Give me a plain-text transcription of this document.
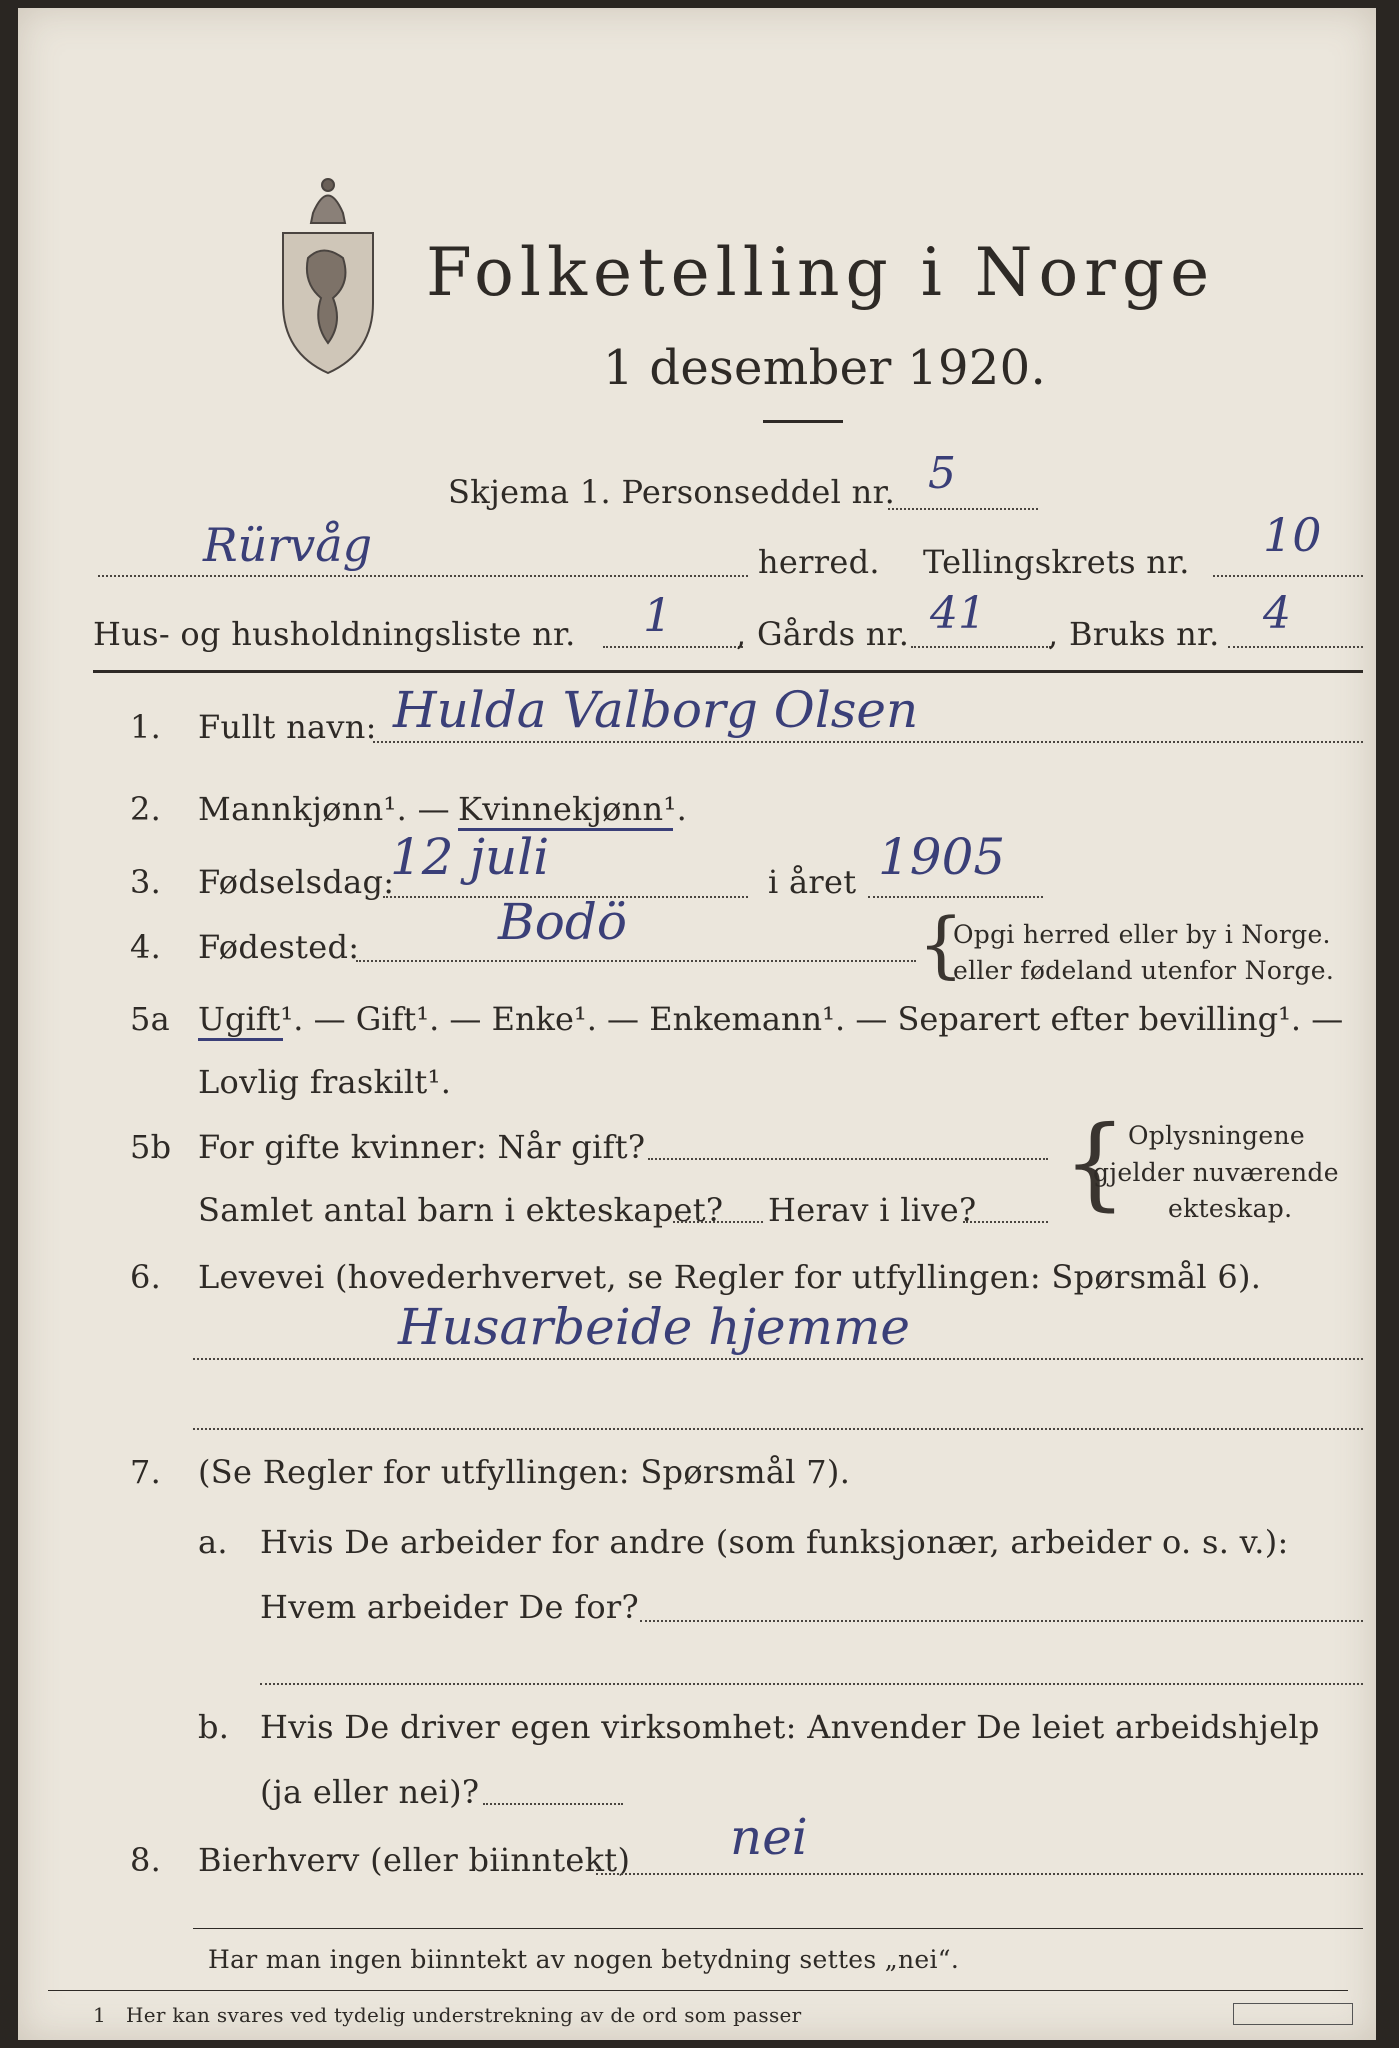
Folketelling i Norge
1 desember 1920.
Skjema 1. Personseddel nr. 5
Rürvåg	herred. Tellingskrets nr. 10
Hus- og husholdningsliste nr. 1 , Gårds nr. 41 , Bruks nr. 4
1. Fullt navn: Hulda Valborg Olsen
2. Mannkjønn¹. — Kvinnekjønn¹.
3. Fødselsdag:
12 juli	i året 1905
4. Fødested:	Bodö	{
Opgi herred eller by i Norge.
eller fødeland utenfor Norge.
5a Ugift¹. — Gift¹. — Enke¹. — Enkemann¹. — Separert efter bevilling¹. —
Lovlig fraskilt¹.
5b For gifte kvinner: Når gift?
Samlet antal barn i ekteskapet? Herav i live? { Oplysningene
gjelder nuværende
ekteskap.
6. Levevei (hovederhvervet, se Regler for utfyllingen: Spørsmål 6).
Husarbeide hjemme
7. (Se Regler for utfyllingen: Spørsmål 7).
a. Hvis De arbeider for andre (som funksjonær, arbeider o. s. v.):
Hvem arbeider De for?
b. Hvis De driver egen virksomhet: Anvender De leiet arbeidshjelp
(ja eller nei)?
8. Bierhverv (eller biinntekt) nei
Har man ingen biinntekt av nogen betydning settes „nei“.
1 Her kan svares ved tydelig understrekning av de ord som passer
